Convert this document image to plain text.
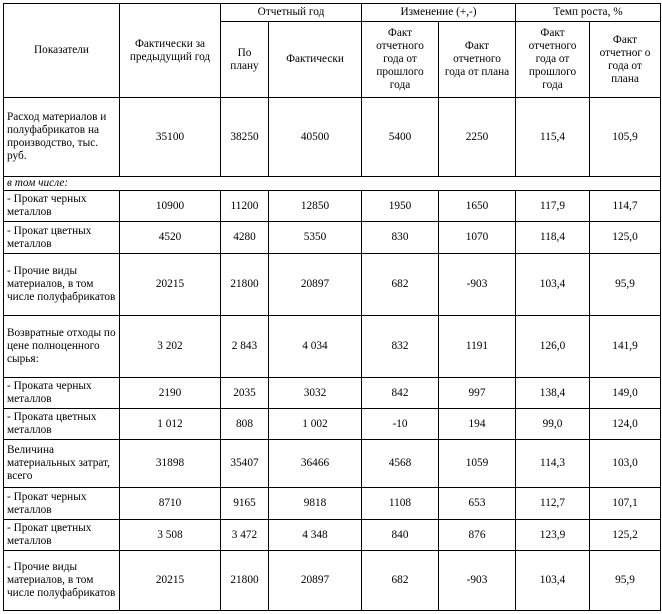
Показатели	Фактически за предыдущий год	Отчетный год		Изменение (+,-)		Темп роста, %	
		По плану	Фактически	Факт отчетного года от прошлого года	Факт отчетного года от плана	Факт отчетного года от прошлого года	Факт отчетног о года от плана
Расход материалов и полуфабрикатов на производство, тыс. руб.	35100	38250	40500	5400	2250	115,4	105,9
в том числе:							
- Прокат черных металлов	10900	11200	12850	1950	1650	117,9	114,7
- Прокат цветных металлов	4520	4280	5350	830	1070	118,4	125,0
- Прочие виды материалов, в том числе полуфабрикатов	20215	21800	20897	682	-903	103,4	95,9
Возвратные отходы по цене полноценного сырья:	3 202	2 843	4 034	832	1191	126,0	141,9
- Проката черных металлов	2190	2035	3032	842	997	138,4	149,0
- Проката цветных металлов	1 012	808	1 002	-10	194	99,0	124,0
Величина материальных затрат, всего	31898	35407	36466	4568	1059	114,3	103,0
- Прокат черных металлов	8710	9165	9818	1108	653	112,7	107,1
- Прокат цветных металлов	3 508	3 472	4 348	840	876	123,9	125,2
- Прочие виды материалов, в том числе полуфабрикатов	20215	21800	20897	682	-903	103,4	95,9
